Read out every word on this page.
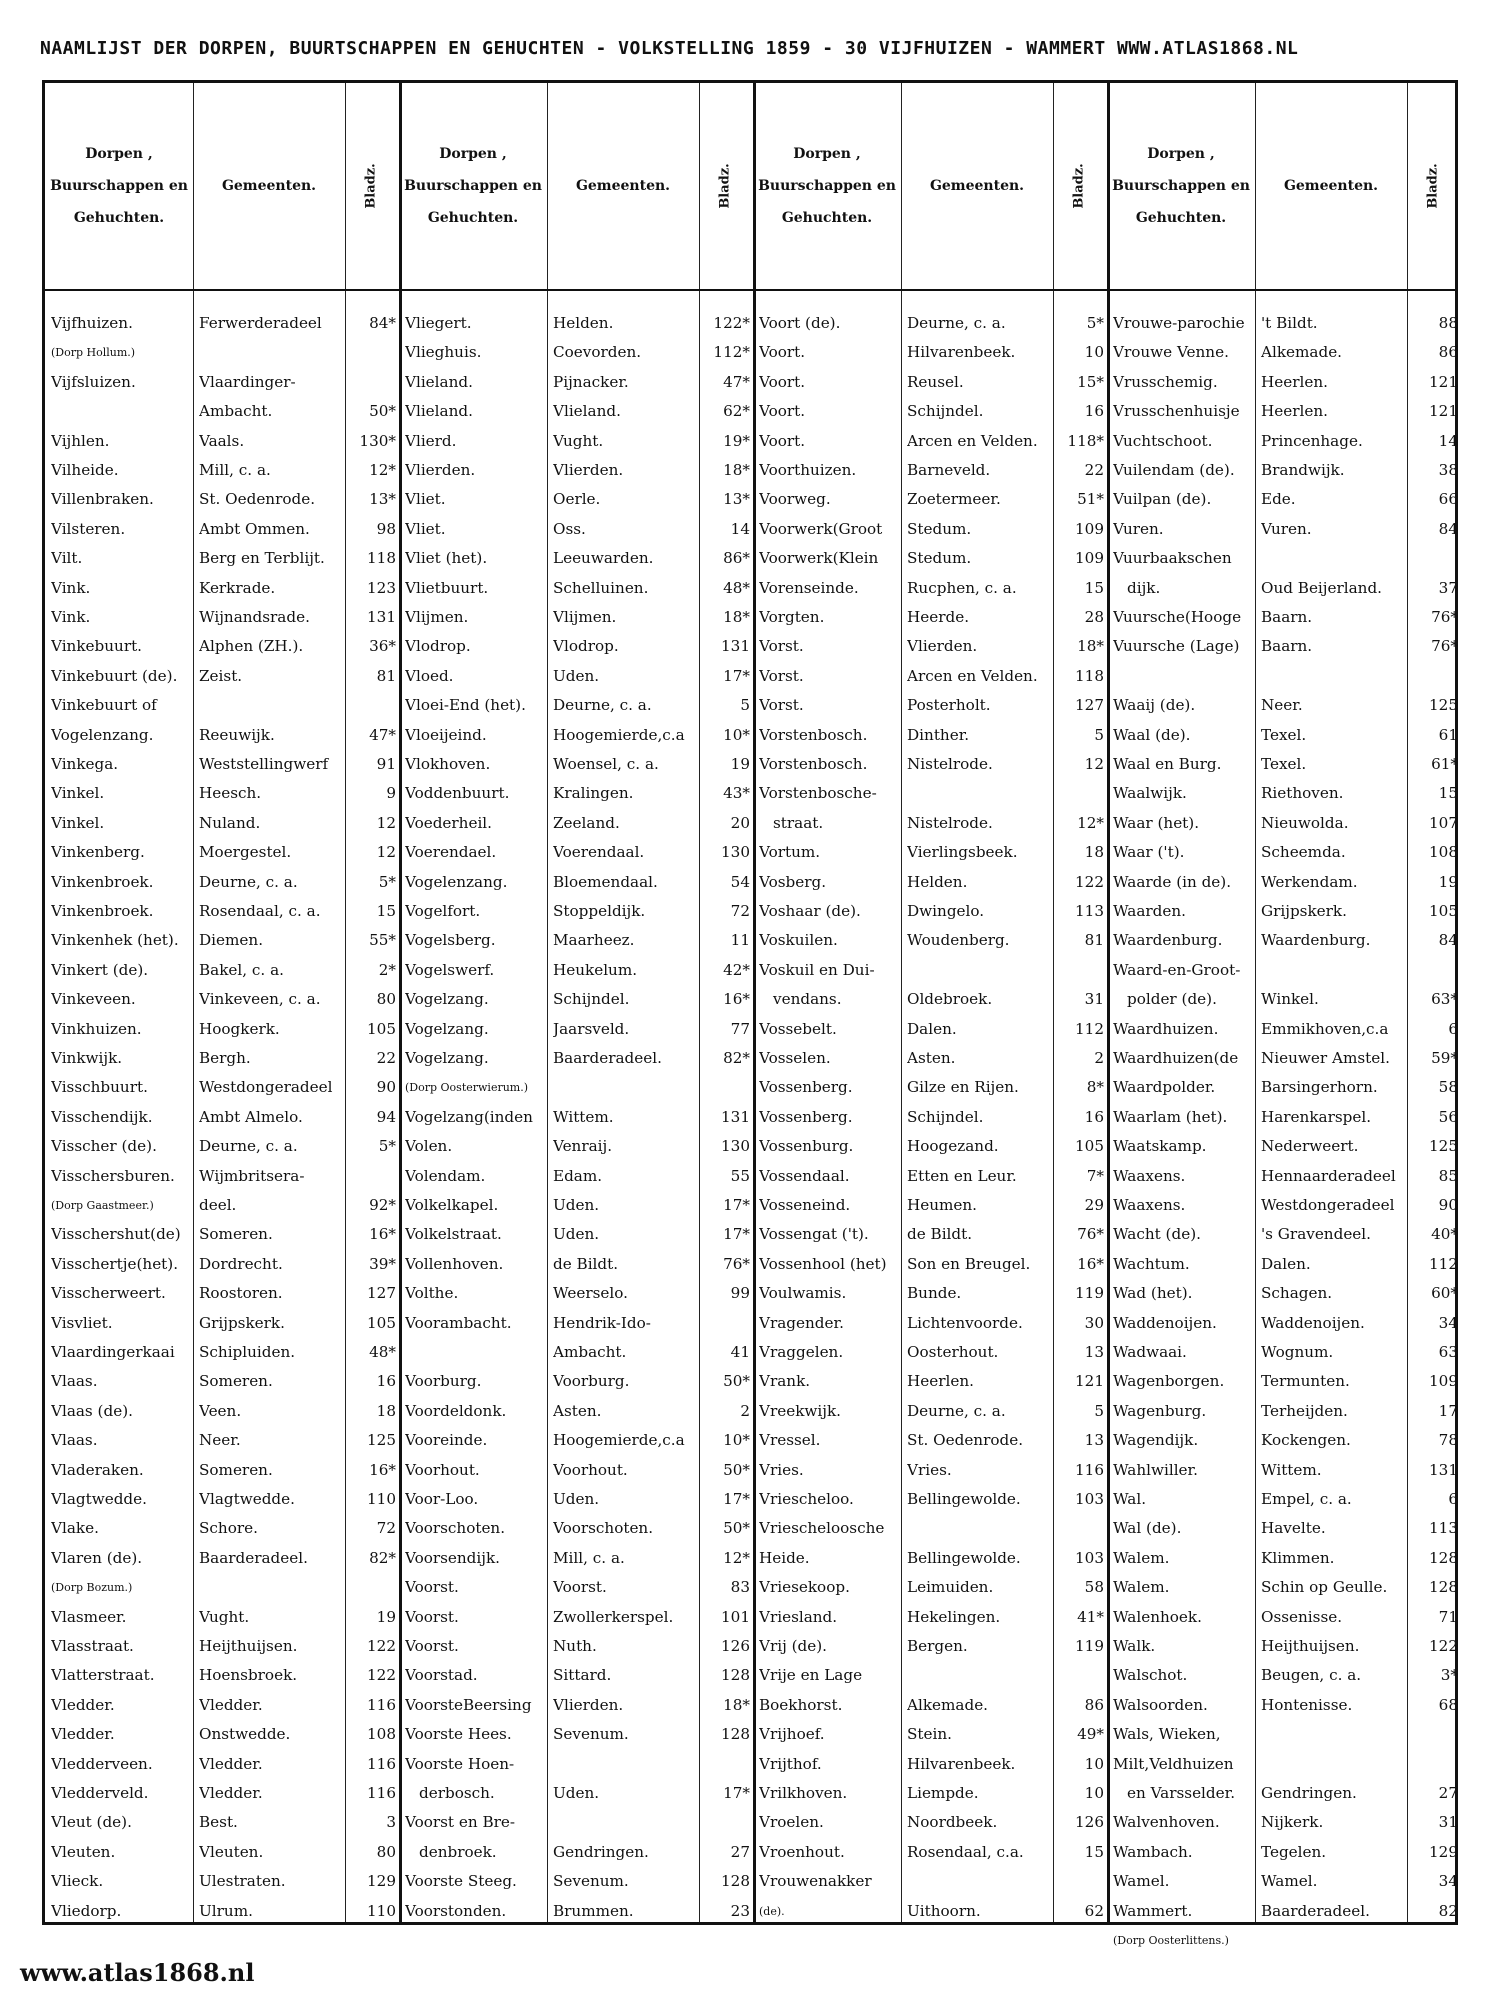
NAAMLIJST DER DORPEN, BUURTSCHAPPEN EN GEHUCHTEN - VOLKSTELLING 1859 - 30 VIJFHUIZEN - WAMMERT WWW.ATLAS1868.NL
Dorpen , Buurschappen en Gehuchten.
Gemeenten.	Bladz.
Dorpen , Buurschappen en Gehuchten.
Gemeenten.	Bladz.
Dorpen , Buurschappen en Gehuchten.
Gemeenten.	Bladz.
Dorpen , Buurschappen en Gehuchten.
Gemeenten.	Bladz.
Vijfhuizen.	Ferwerderadeel	84*
(Dorp Hollum.)
Vijfsluizen.	Vlaardinger-
Ambacht.	50*
Vijhlen.	Vaals.	130*
Vilheide.	Mill, c. a.	12*
Villenbraken.	St. Oedenrode.	13*
Vilsteren.	Ambt Ommen.	98
Vilt.	Berg en Terblijt.	118
Vink.	Kerkrade.	123
Vink.	Wijnandsrade.	131
Vinkebuurt.	Alphen (ZH.).	36*
Vinkebuurt (de).	Zeist.	81
Vinkebuurt of
Vogelenzang.	Reeuwijk.	47*
Vinkega.	Weststellingwerf	91
Vinkel.	Heesch.	9
Vinkel.	Nuland.	12
Vinkenberg.	Moergestel.	12
Vinkenbroek.	Deurne, c. a.	5*
Vinkenbroek.	Rosendaal, c. a.	15
Vinkenhek (het).	Diemen.	55*
Vinkert (de).	Bakel, c. a.	2*
Vinkeveen.	Vinkeveen, c. a.	80
Vinkhuizen.	Hoogkerk.	105
Vinkwijk.	Bergh.	22
Visschbuurt.	Westdongeradeel	90
Visschendijk.	Ambt Almelo.	94
Visscher (de).	Deurne, c. a.	5*
Visschersburen.	Wijmbritsera-
(Dorp Gaastmeer.)	deel.	92*
Visschershut(de)	Someren.	16*
Visschertje(het).	Dordrecht.	39*
Visscherweert.	Roostoren.	127
Visvliet.	Grijpskerk.	105
Vlaardingerkaai	Schipluiden.	48*
Vlaas.	Someren.	16
Vlaas (de).	Veen.	18
Vlaas.	Neer.	125
Vladeraken.	Someren.	16*
Vlagtwedde.	Vlagtwedde.	110
Vlake.	Schore.	72
Vlaren (de).	Baarderadeel.	82*
(Dorp Bozum.)
Vlasmeer.	Vught.	19
Vlasstraat.	Heijthuijsen.	122
Vlatterstraat.	Hoensbroek.	122
Vledder.	Vledder.	116
Vledder.	Onstwedde.	108
Vledderveen.	Vledder.	116
Vledderveld.	Vledder.	116
Vleut (de).	Best.	3
Vleuten.	Vleuten.	80
Vlieck.	Ulestraten.	129
Vliedorp.	Ulrum.	110
Vliegert.	Helden.	122*
Vlieghuis.	Coevorden.	112*
Vlieland.	Pijnacker.	47*
Vlieland.	Vlieland.	62*
Vlierd.	Vught.	19*
Vlierden.	Vlierden.	18*
Vliet.	Oerle.	13*
Vliet.	Oss.	14
Vliet (het).	Leeuwarden.	86*
Vlietbuurt.	Schelluinen.	48*
Vlijmen.	Vlijmen.	18*
Vlodrop.	Vlodrop.	131
Vloed.	Uden.	17*
Vloei-End (het).	Deurne, c. a.	5
Vloeijeind.	Hoogemierde,c.a	10*
Vlokhoven.	Woensel, c. a.	19
Voddenbuurt.	Kralingen.	43*
Voederheil.	Zeeland.	20
Voerendael.	Voerendaal.	130
Vogelenzang.	Bloemendaal.	54
Vogelfort.	Stoppeldijk.	72
Vogelsberg.	Maarheez.	11
Vogelswerf.	Heukelum.	42*
Vogelzang.	Schijndel.	16*
Vogelzang.	Jaarsveld.	77
Vogelzang.	Baarderadeel.	82*
(Dorp Oosterwierum.)
Vogelzang(inden	Wittem.	131
Volen.	Venraij.	130
Volendam.	Edam.	55
Volkelkapel.	Uden.	17*
Volkelstraat.	Uden.	17*
Vollenhoven.	de Bildt.	76*
Volthe.	Weerselo.	99
Voorambacht.	Hendrik-Ido-
Ambacht.	41
Voorburg.	Voorburg.	50*
Voordeldonk.	Asten.	2
Vooreinde.	Hoogemierde,c.a	10*
Voorhout.	Voorhout.	50*
Voor-Loo.	Uden.	17*
Voorschoten.	Voorschoten.	50*
Voorsendijk.	Mill, c. a.	12*
Voorst.	Voorst.	83
Voorst.	Zwollerkerspel.	101
Voorst.	Nuth.	126
Voorstad.	Sittard.	128
VoorsteBeersing	Vlierden.	18*
Voorste Hees.	Sevenum.	128
Voorste Hoen-
derbosch.	Uden.	17*
Voorst en Bre-
denbroek.	Gendringen.	27
Voorste Steeg.	Sevenum.	128
Voorstonden.	Brummen.	23
Voort (de).	Deurne, c. a.	5*
Voort.	Hilvarenbeek.	10
Voort.	Reusel.	15*
Voort.	Schijndel.	16
Voort.	Arcen en Velden.	118*
Voorthuizen.	Barneveld.	22
Voorweg.	Zoetermeer.	51*
Voorwerk(Groot	Stedum.	109
Voorwerk(Klein	Stedum.	109
Vorenseinde.	Rucphen, c. a.	15
Vorgten.	Heerde.	28
Vorst.	Vlierden.	18*
Vorst.	Arcen en Velden.	118
Vorst.	Posterholt.	127
Vorstenbosch.	Dinther.	5
Vorstenbosch.	Nistelrode.	12
Vorstenbosche-
straat.	Nistelrode.	12*
Vortum.	Vierlingsbeek.	18
Vosberg.	Helden.	122
Voshaar (de).	Dwingelo.	113
Voskuilen.	Woudenberg.	81
Voskuil en Dui-
vendans.	Oldebroek.	31
Vossebelt.	Dalen.	112
Vosselen.	Asten.	2
Vossenberg.	Gilze en Rijen.	8*
Vossenberg.	Schijndel.	16
Vossenburg.	Hoogezand.	105
Vossendaal.	Etten en Leur.	7*
Vosseneind.	Heumen.	29
Vossengat ('t).	de Bildt.	76*
Vossenhool (het)	Son en Breugel.	16*
Voulwamis.	Bunde.	119
Vragender.	Lichtenvoorde.	30
Vraggelen.	Oosterhout.	13
Vrank.	Heerlen.	121
Vreekwijk.	Deurne, c. a.	5
Vressel.	St. Oedenrode.	13
Vries.	Vries.	116
Vriescheloo.	Bellingewolde.	103
Vriescheloosche
Heide.	Bellingewolde.	103
Vriesekoop.	Leimuiden.	58
Vriesland.	Hekelingen.	41*
Vrij (de).	Bergen.	119
Vrije en Lage
Boekhorst.	Alkemade.	86
Vrijhoef.	Stein.	49*
Vrijthof.	Hilvarenbeek.	10
Vrilkhoven.	Liempde.	10
Vroelen.	Noordbeek.	126
Vroenhout.	Rosendaal, c.a.	15
Vrouwenakker
(de).	Uithoorn.	62
Vrouwe-parochie	't Bildt.	88
Vrouwe Venne.	Alkemade.	86
Vrusschemig.	Heerlen.	121
Vrusschenhuisje	Heerlen.	121
Vuchtschoot.	Princenhage.	14
Vuilendam (de).	Brandwijk.	38
Vuilpan (de).	Ede.	66
Vuren.	Vuren.	84
Vuurbaakschen
dijk.	Oud Beijerland.	37
Vuursche(Hooge	Baarn.	76*
Vuursche (Lage)	Baarn.	76*
Waaij (de).	Neer.	125
Waal (de).	Texel.	61
Waal en Burg.	Texel.	61*
Waalwijk.	Riethoven.	15
Waar (het).	Nieuwolda.	107
Waar ('t).	Scheemda.	108
Waarde (in de).	Werkendam.	19
Waarden.	Grijpskerk.	105
Waardenburg.	Waardenburg.	84
Waard-en-Groot-
polder (de).	Winkel.	63*
Waardhuizen.	Emmikhoven,c.a	6
Waardhuizen(de	Nieuwer Amstel.	59*
Waardpolder.	Barsingerhorn.	58
Waarlam (het).	Harenkarspel.	56
Waatskamp.	Nederweert.	125
Waaxens.	Hennaarderadeel	85
Waaxens.	Westdongeradeel	90
Wacht (de).	's Gravendeel.	40*
Wachtum.	Dalen.	112
Wad (het).	Schagen.	60*
Waddenoijen.	Waddenoijen.	34
Wadwaai.	Wognum.	63
Wagenborgen.	Termunten.	109
Wagenburg.	Terheijden.	17
Wagendijk.	Kockengen.	78
Wahlwiller.	Wittem.	131
Wal.	Empel, c. a.	6
Wal (de).	Havelte.	113
Walem.	Klimmen.	128
Walem.	Schin op Geulle.	128
Walenhoek.	Ossenisse.	71
Walk.	Heijthuijsen.	122
Walschot.	Beugen, c. a.	3*
Walsoorden.	Hontenisse.	68
Wals, Wieken,
Milt,Veldhuizen
en Varsselder.	Gendringen.	27
Walvenhoven.	Nijkerk.	31
Wambach.	Tegelen.	129
Wamel.	Wamel.	34
Wammert.	Baarderadeel.	82
(Dorp Oosterlittens.)
www.atlas1868.nl
